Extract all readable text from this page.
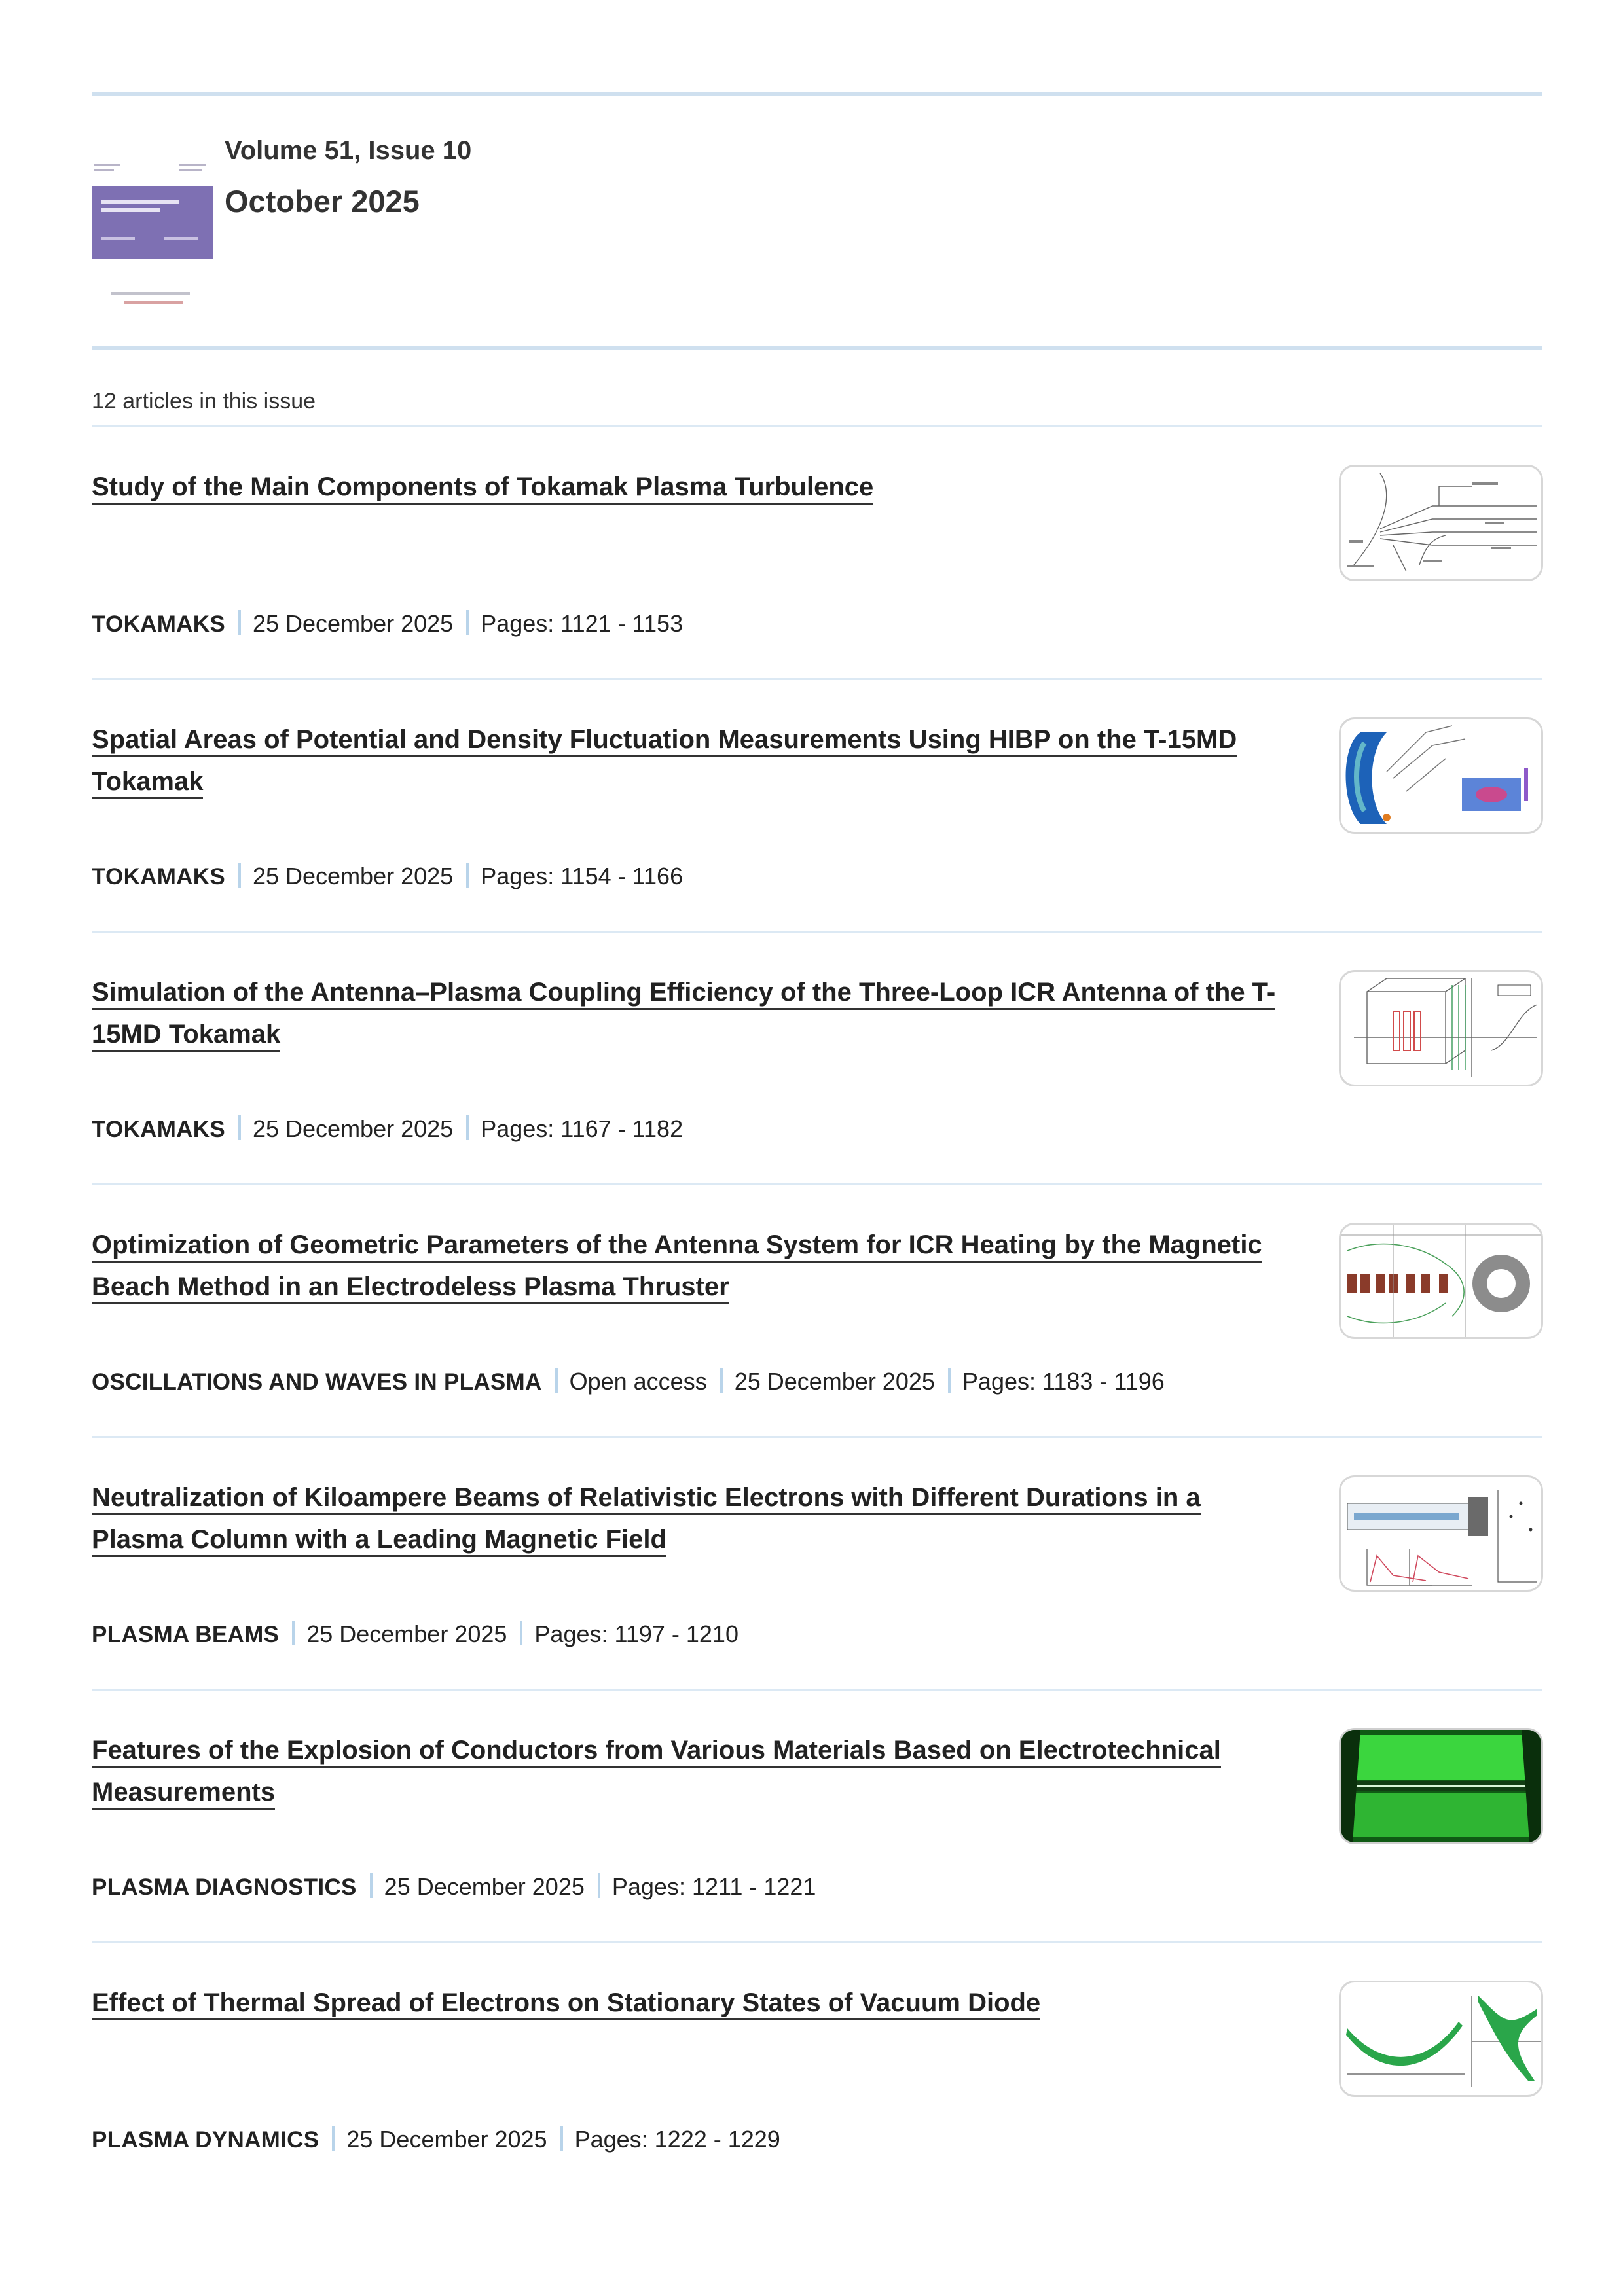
Volume 51, Issue 10
October 2025
12 articles in this issue
Study of the Main Components of Tokamak Plasma Turbulence
TOKAMAKS 25 December 2025 Pages: 1121 - 1153
Spatial Areas of Potential and Density Fluctuation Measurements Using HIBP on the T-15MD Tokamak
TOKAMAKS 25 December 2025 Pages: 1154 - 1166
Simulation of the Antenna–Plasma Coupling Efficiency of the Three-Loop ICR Antenna of the T-15MD Tokamak
TOKAMAKS 25 December 2025 Pages: 1167 - 1182
Optimization of Geometric Parameters of the Antenna System for ICR Heating by the Magnetic Beach Method in an Electrodeless Plasma Thruster
OSCILLATIONS AND WAVES IN PLASMA Open access 25 December 2025 Pages: 1183 - 1196
Neutralization of Kiloampere Beams of Relativistic Electrons with Different Durations in a Plasma Column with a Leading Magnetic Field
PLASMA BEAMS 25 December 2025 Pages: 1197 - 1210
Features of the Explosion of Conductors from Various Materials Based on Electrotechnical Measurements
PLASMA DIAGNOSTICS 25 December 2025 Pages: 1211 - 1221
Effect of Thermal Spread of Electrons on Stationary States of Vacuum Diode
PLASMA DYNAMICS 25 December 2025 Pages: 1222 - 1229
